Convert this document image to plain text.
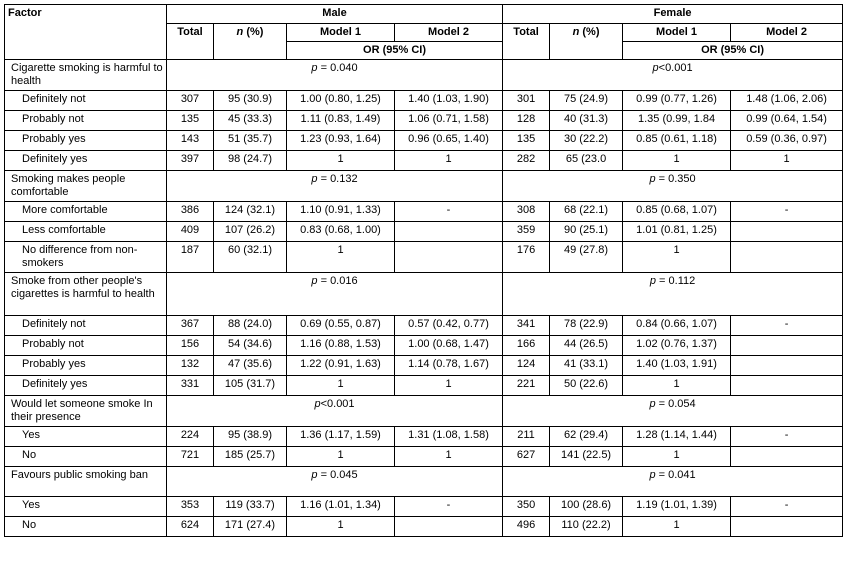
Factor	Male				Female			
	Total	n (%)	Model 1	Model 2	Total	n (%)	Model 1	Model 2
			OR (95% CI)				OR (95% CI)	
Cigarette smoking is harmful to health	p = 0.040				p<0.001			
Definitely not	307	95 (30.9)	1.00 (0.80, 1.25)	1.40 (1.03, 1.90)	301	75 (24.9)	0.99 (0.77, 1.26)	1.48 (1.06, 2.06)
Probably not	135	45 (33.3)	1.11 (0.83, 1.49)	1.06 (0.71, 1.58)	128	40 (31.3)	1.35 (0.99, 1.84	0.99 (0.64, 1.54)
Probably yes	143	51 (35.7)	1.23 (0.93, 1.64)	0.96 (0.65, 1.40)	135	30 (22.2)	0.85 (0.61, 1.18)	0.59 (0.36, 0.97)
Definitely yes	397	98 (24.7)	1	1	282	65 (23.0	1	1
Smoking makes people comfortable	p = 0.132				p = 0.350			
More comfortable	386	124 (32.1)	1.10 (0.91, 1.33)	-	308	68 (22.1)	0.85 (0.68, 1.07)	-
Less comfortable	409	107 (26.2)	0.83 (0.68, 1.00)		359	90 (25.1)	1.01 (0.81, 1.25)	
No difference from non-smokers	187	60 (32.1)	1		176	49 (27.8)	1	
Smoke from other people's cigarettes is harmful to health	p = 0.016				p = 0.112			
Definitely not	367	88 (24.0)	0.69 (0.55, 0.87)	0.57 (0.42, 0.77)	341	78 (22.9)	0.84 (0.66, 1.07)	-
Probably not	156	54 (34.6)	1.16 (0.88, 1.53)	1.00 (0.68, 1.47)	166	44 (26.5)	1.02 (0.76, 1.37)	
Probably yes	132	47 (35.6)	1.22 (0.91, 1.63)	1.14 (0.78, 1.67)	124	41 (33.1)	1.40 (1.03, 1.91)	
Definitely yes	331	105 (31.7)	1	1	221	50 (22.6)	1	
Would let someone smoke In their presence	p<0.001				p = 0.054			
Yes	224	95 (38.9)	1.36 (1.17, 1.59)	1.31 (1.08, 1.58)	211	62 (29.4)	1.28 (1.14, 1.44)	-
No	721	185 (25.7)	1	1	627	141 (22.5)	1	
Favours public smoking ban	p = 0.045				p = 0.041			
Yes	353	119 (33.7)	1.16 (1.01, 1.34)	-	350	100 (28.6)	1.19 (1.01, 1.39)	-
No	624	171 (27.4)	1		496	110 (22.2)	1	
